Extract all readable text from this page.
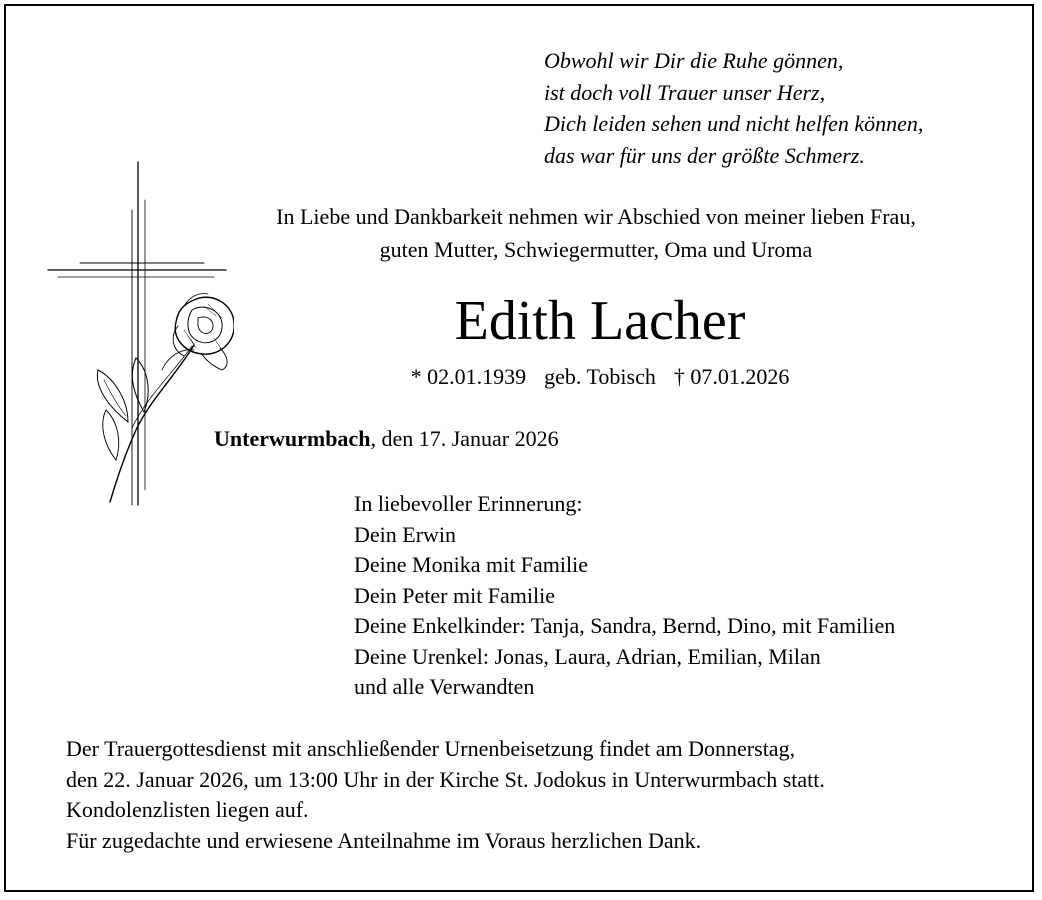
Obwohl wir Dir die Ruhe gönnen,
ist doch voll Trauer unser Herz,
Dich leiden sehen und nicht helfen können,
das war für uns der größte Schmerz.
In Liebe und Dankbarkeit nehmen wir Abschied von meiner lieben Frau,
guten Mutter, Schwiegermutter, Oma und Uroma
Edith Lacher
* 02.01.1939 geb. Tobisch † 07.01.2026
Unterwurmbach, den 17. Januar 2026
In liebevoller Erinnerung:
Dein Erwin
Deine Monika mit Familie
Dein Peter mit Familie
Deine Enkelkinder: Tanja, Sandra, Bernd, Dino, mit Familien
Deine Urenkel: Jonas, Laura, Adrian, Emilian, Milan
und alle Verwandten
Der Trauergottesdienst mit anschließender Urnenbeisetzung findet am Donnerstag,
den 22. Januar 2026, um 13:00 Uhr in der Kirche St. Jodokus in Unterwurmbach statt.
Kondolenzlisten liegen auf.
Für zugedachte und erwiesene Anteilnahme im Voraus herzlichen Dank.
